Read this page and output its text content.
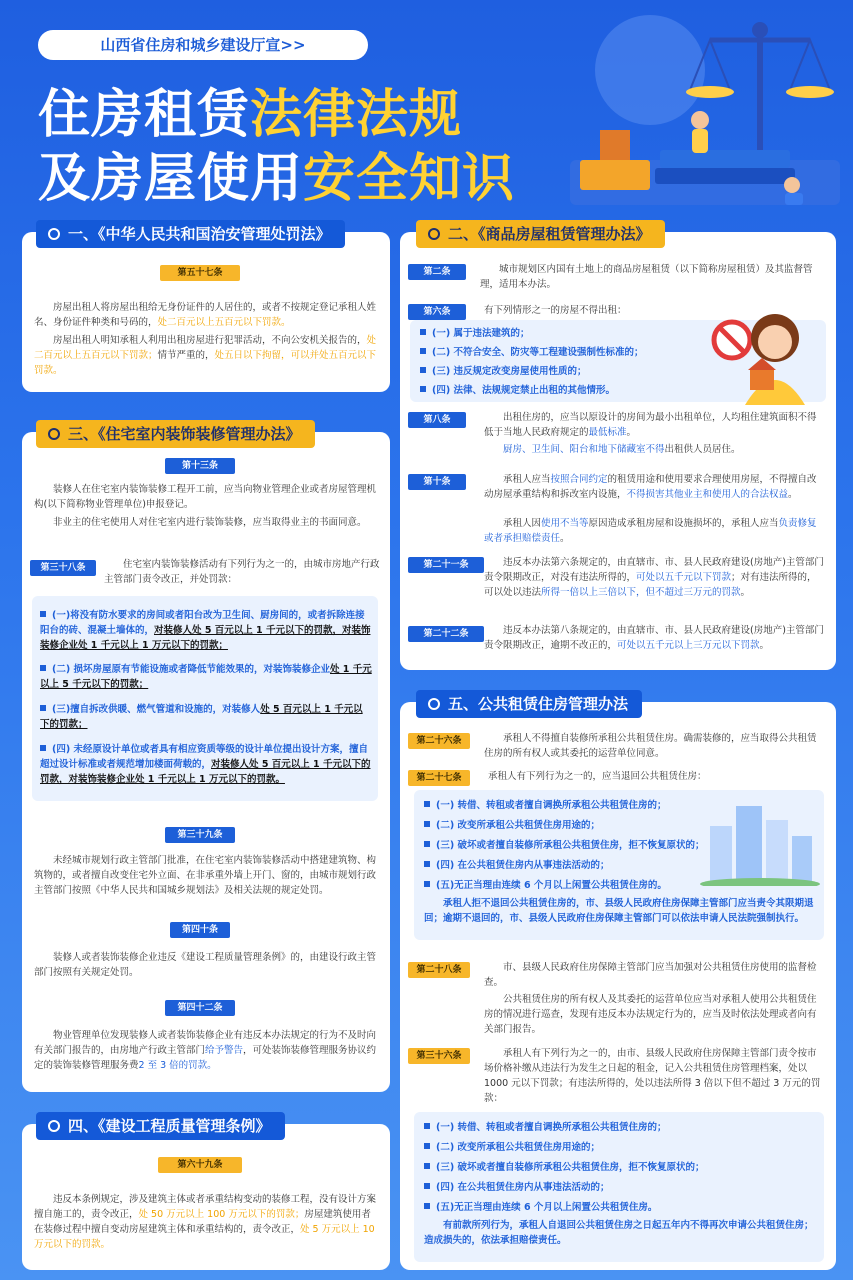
山西省住房和城乡建设厅宣>>
住房租赁法律法规
及房屋使用安全知识
一、《中华人民共和国治安管理处罚法》
第五十七条
房屋出租人将房屋出租给无身份证件的人居住的，或者不按规定登记承租人姓名、身份证件种类和号码的，处二百元以上五百元以下罚款。
房屋出租人明知承租人利用出租房屋进行犯罪活动，不向公安机关报告的，处二百元以上五百元以下罚款；情节严重的，处五日以下拘留，可以并处五百元以下罚款。
三、《住宅室内装饰装修管理办法》
第十三条
装修人在住宅室内装饰装修工程开工前，应当向物业管理企业或者房屋管理机构(以下简称物业管理单位)申报登记。
非业主的住宅使用人对住宅室内进行装饰装修，应当取得业主的书面同意。
第三十八条	住宅室内装饰装修活动有下列行为之一的，由城市房地产行政主管部门责令改正，并处罚款：
(一)将没有防水要求的房间或者阳台改为卫生间、厨房间的，或者拆除连接阳台的砖、混凝土墙体的，对装修人处 5 百元以上 1 千元以下的罚款，对装饰装修企业处 1 千元以上 1 万元以下的罚款；
(二) 损坏房屋原有节能设施或者降低节能效果的，对装饰装修企业处 1 千元以上 5 千元以下的罚款；
(三)擅自拆改供暖、燃气管道和设施的，对装修人处 5 百元以上 1 千元以下的罚款；
(四) 未经原设计单位或者具有相应资质等级的设计单位提出设计方案，擅自超过设计标准或者规范增加楼面荷载的，对装修人处 5 百元以上 1 千元以下的罚款，对装饰装修企业处 1 千元以上 1 万元以下的罚款。
第三十九条
未经城市规划行政主管部门批准，在住宅室内装饰装修活动中搭建建筑物、构筑物的，或者擅自改变住宅外立面、在非承重外墙上开门、窗的，由城市规划行政主管部门按照《中华人民共和国城乡规划法》及相关法规的规定处罚。
第四十条
装修人或者装饰装修企业违反《建设工程质量管理条例》的，由建设行政主管部门按照有关规定处罚。
第四十二条
物业管理单位发现装修人或者装饰装修企业有违反本办法规定的行为不及时向有关部门报告的，由房地产行政主管部门给予警告，可处装饰装修管理服务协议约定的装饰装修管理服务费2 至 3 倍的罚款。
四、《建设工程质量管理条例》
第六十九条
违反本条例规定，涉及建筑主体或者承重结构变动的装修工程，没有设计方案擅自施工的，责令改正，处 50 万元以上 100 万元以下的罚款；房屋建筑使用者在装修过程中擅自变动房屋建筑主体和承重结构的，责令改正，处 5 万元以上 10 万元以下的罚款。
二、《商品房屋租赁管理办法》
第二条	城市规划区内国有土地上的商品房屋租赁（以下简称房屋租赁）及其监督管理，适用本办法。
第六条	有下列情形之一的房屋不得出租：
(一) 属于违法建筑的；
(二) 不符合安全、防灾等工程建设强制性标准的；
(三) 违反规定改变房屋使用性质的；
(四) 法律、法规规定禁止出租的其他情形。
第八条	出租住房的，应当以原设计的房间为最小出租单位，人均租住建筑面积不得低于当地人民政府规定的最低标准。
厨房、卫生间、阳台和地下储藏室不得出租供人员居住。
第十条	承租人应当按照合同约定的租赁用途和使用要求合理使用房屋，不得擅自改动房屋承重结构和拆改室内设施，不得损害其他业主和使用人的合法权益。
承租人因使用不当等原因造成承租房屋和设施损坏的，承租人应当负责修复或者承担赔偿责任。
第二十一条	违反本办法第六条规定的，由直辖市、市、县人民政府建设(房地产)主管部门责令限期改正，对没有违法所得的，可处以五千元以下罚款；对有违法所得的，可以处以违法所得一倍以上三倍以下，但不超过三万元的罚款。
第二十二条	违反本办法第八条规定的，由直辖市、市、县人民政府建设(房地产)主管部门责令限期改正，逾期不改正的，可处以五千元以上三万元以下罚款。
五、公共租赁住房管理办法
第二十六条	承租人不得擅自装修所承租公共租赁住房。确需装修的，应当取得公共租赁住房的所有权人或其委托的运营单位同意。
第二十七条	承租人有下列行为之一的，应当退回公共租赁住房：
(一) 转借、转租或者擅自调换所承租公共租赁住房的；
(二) 改变所承租公共租赁住房用途的；
(三) 破坏或者擅自装修所承租公共租赁住房，拒不恢复原状的；
(四) 在公共租赁住房内从事违法活动的；
(五)无正当理由连续 6 个月以上闲置公共租赁住房的。
承租人拒不退回公共租赁住房的，市、县级人民政府住房保障主管部门应当责令其限期退回；逾期不退回的，市、县级人民政府住房保障主管部门可以依法申请人民法院强制执行。
第二十八条	市、县级人民政府住房保障主管部门应当加强对公共租赁住房使用的监督检查。
公共租赁住房的所有权人及其委托的运营单位应当对承租人使用公共租赁住房的情况进行巡查，发现有违反本办法规定行为的，应当及时依法处理或者向有关部门报告。
第三十六条	承租人有下列行为之一的，由市、县级人民政府住房保障主管部门责令按市场价格补缴从违法行为发生之日起的租金，记入公共租赁住房管理档案，处以 1000 元以下罚款；有违法所得的，处以违法所得 3 倍以下但不超过 3 万元的罚款：
(一) 转借、转租或者擅自调换所承租公共租赁住房的；
(二) 改变所承租公共租赁住房用途的；
(三) 破坏或者擅自装修所承租公共租赁住房，拒不恢复原状的；
(四) 在公共租赁住房内从事违法活动的；
(五)无正当理由连续 6 个月以上闲置公共租赁住房。
有前款所列行为，承租人自退回公共租赁住房之日起五年内不得再次申请公共租赁住房；造成损失的，依法承担赔偿责任。
